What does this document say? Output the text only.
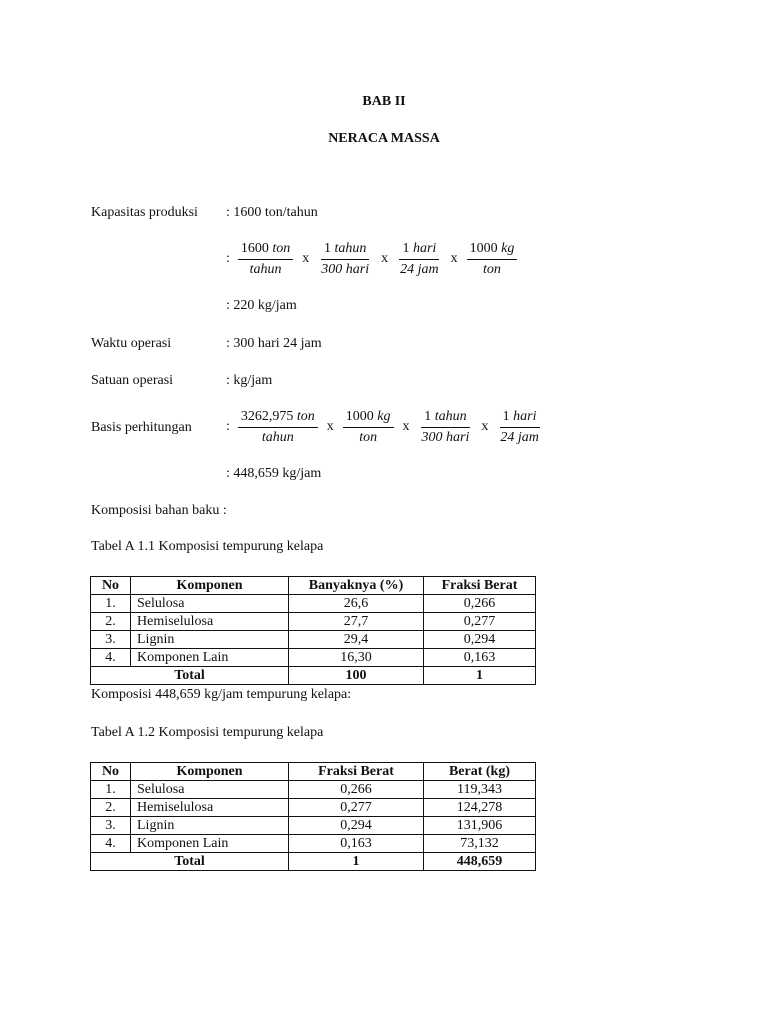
BAB II
NERACA MASSA
Kapasitas produksi : 1600 ton/tahun
: $\frac{\text{1600 ton}}{\text{tahun}}$ x $\frac{\text{1 tahun}}{\text{300 hari}}$ x $\frac{\text{1 hari}}{\text{24 jam}}$ x $\frac{1000 kg}{\text{ton}}$
: 220 kg/jam
Waktu operasi	: 300 hari 24 jam
Satuan operasi	: kg/jam
Basis perhitungan : $\frac{\text{3262,975 ton}}{\text{tahun}}$ x $\frac{1000 kg}{\text{ton}}$ x $\frac{\text{1 tahun}}{\text{300 hari}}$ x $\frac{\text{1 hari}}{\text{24 jam}}$
: 448,659 kg/jam
Komposisi bahan baku :
Tabel A 1.1 Komposisi tempurung kelapa
No	Komponen	Banyaknya (%)	Fraksi Berat
1.	Selulosa	26,6	0,266
2.	Hemiselulosa	27,7	0,277
3.	Lignin	29,4	0,294
4.	Komponen Lain	16,30	0,163
Total		100	1
Komposisi 448,659 kg/jam tempurung kelapa:
Tabel A 1.2 Komposisi tempurung kelapa
No	Komponen	Fraksi Berat	Berat (kg)
1.	Selulosa	0,266	119,343
2.	Hemiselulosa	0,277	124,278
3.	Lignin	0,294	131,906
4.	Komponen Lain	0,163	73,132
Total		1	448,659
